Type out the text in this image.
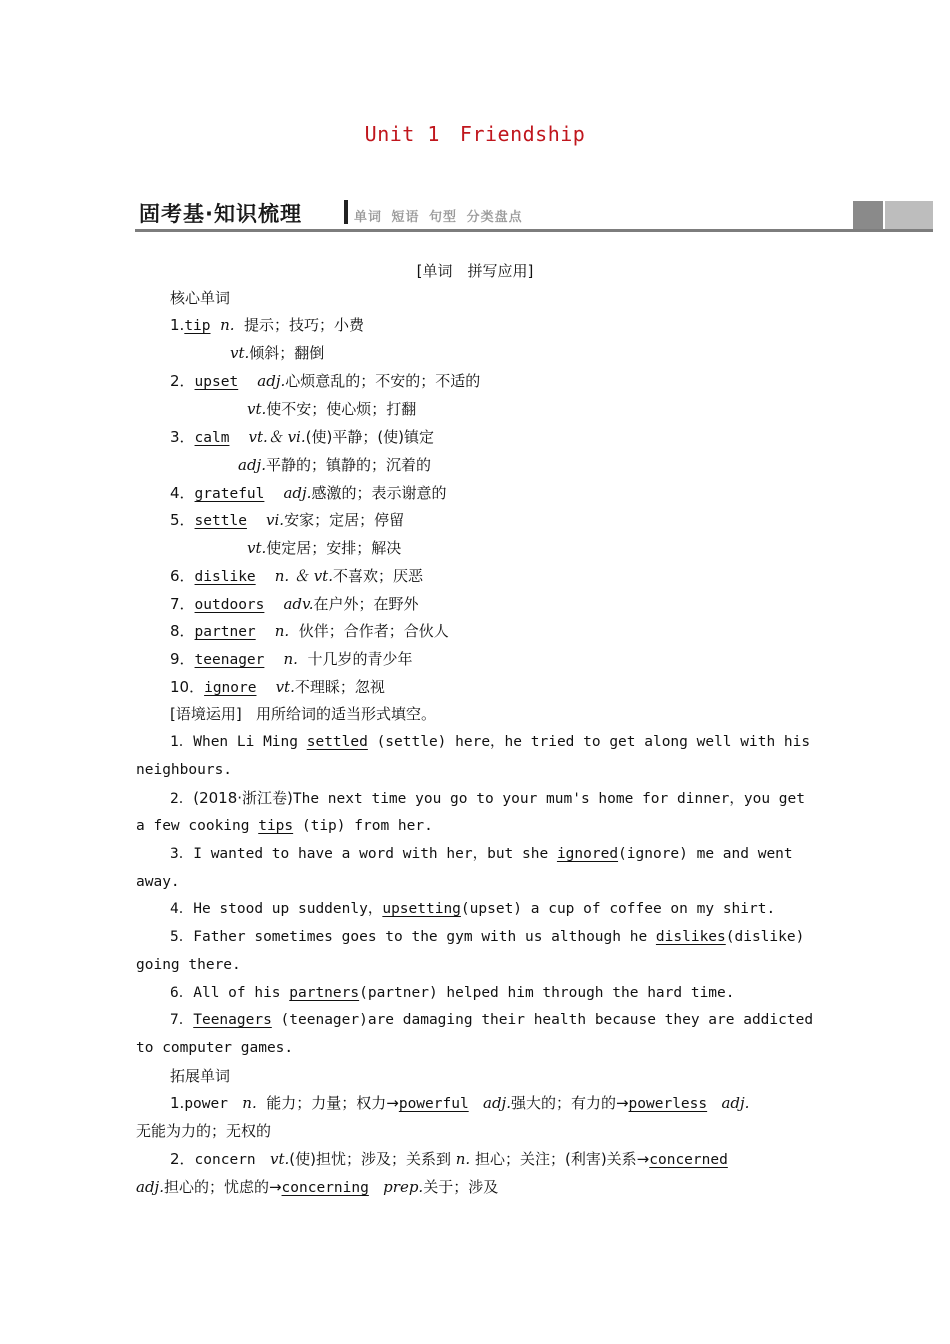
Unit 1 Friendship
固考基·知识梳理	单词 短语 句型 分类盘点
[单词　拼写应用]
核心单词
1.tip n. 提示；技巧；小费
vt.倾斜；翻倒
2．upset adj.心烦意乱的；不安的；不适的
vt.使不安；使心烦；打翻
3．calm vt.＆ vi.(使)平静；(使)镇定
adj.平静的；镇静的；沉着的
4．grateful adj.感激的；表示谢意的
5．settle vi.安家；定居；停留
vt.使定居；安排；解决
6．dislike n. ＆ vt.不喜欢；厌恶
7．outdoors adv.在户外；在野外
8．partner n. 伙伴；合作者；合伙人
9．teenager n. 十几岁的青少年
10．ignore vt.不理睬；忽视
[语境运用] 用所给词的适当形式填空。
1．When Li Ming settled (settle) here，he tried to get along well with his
neighbours.
2．(2018·浙江卷)The next time you go to your mum's home for dinner，you get
a few cooking tips (tip) from her.
3．I wanted to have a word with her，but she ignored(ignore) me and went
away.
4．He stood up suddenly，upsetting(upset) a cup of coffee on my shirt.
5．Father sometimes goes to the gym with us although he dislikes(dislike)
going there.
6．All of his partners(partner) helped him through the hard time.
7．Teenagers (teenager)are damaging their health because they are addicted
to computer games.
拓展单词
1.power n. 能力；力量；权力→powerful adj.强大的；有力的→powerless adj.
无能为力的；无权的
2．concern vt.(使)担忧；涉及；关系到 n. 担心；关注；(利害)关系→concerned
adj.担心的；忧虑的→concerning prep.关于；涉及
